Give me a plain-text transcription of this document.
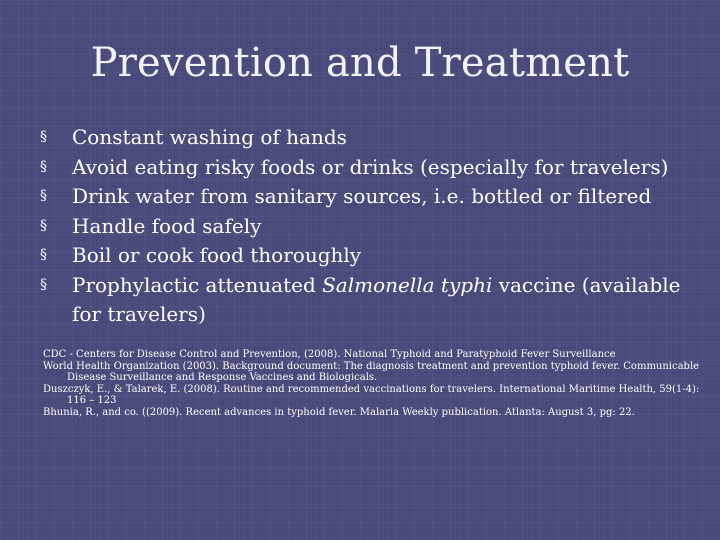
Prevention and Treatment
§	Constant washing of hands
§	Avoid eating risky foods or drinks (especially for travelers)
§	Drink water from sanitary sources, i.e. bottled or filtered
§	Handle food safely
§	Boil or cook food thoroughly
§	Prophylactic attenuated Salmonella typhi vaccine (available for travelers)

CDC - Centers for Disease Control and Prevention, (2008). National Typhoid and Paratyphoid Fever Surveillance

World Health Organization (2003). Background document: The diagnosis treatment and prevention typhoid fever. Communicable Disease Surveillance and Response Vaccines and Biologicals.

Duszczyk, E., & Talarek, E. (2008). Routine and recommended vaccinations for travelers. International Maritime Health, 59(1-4): 116 – 123

Bhunia, R., and co. ((2009). Recent advances in typhoid fever. Malaria Weekly publication. Atlanta: August 3, pg: 22.
